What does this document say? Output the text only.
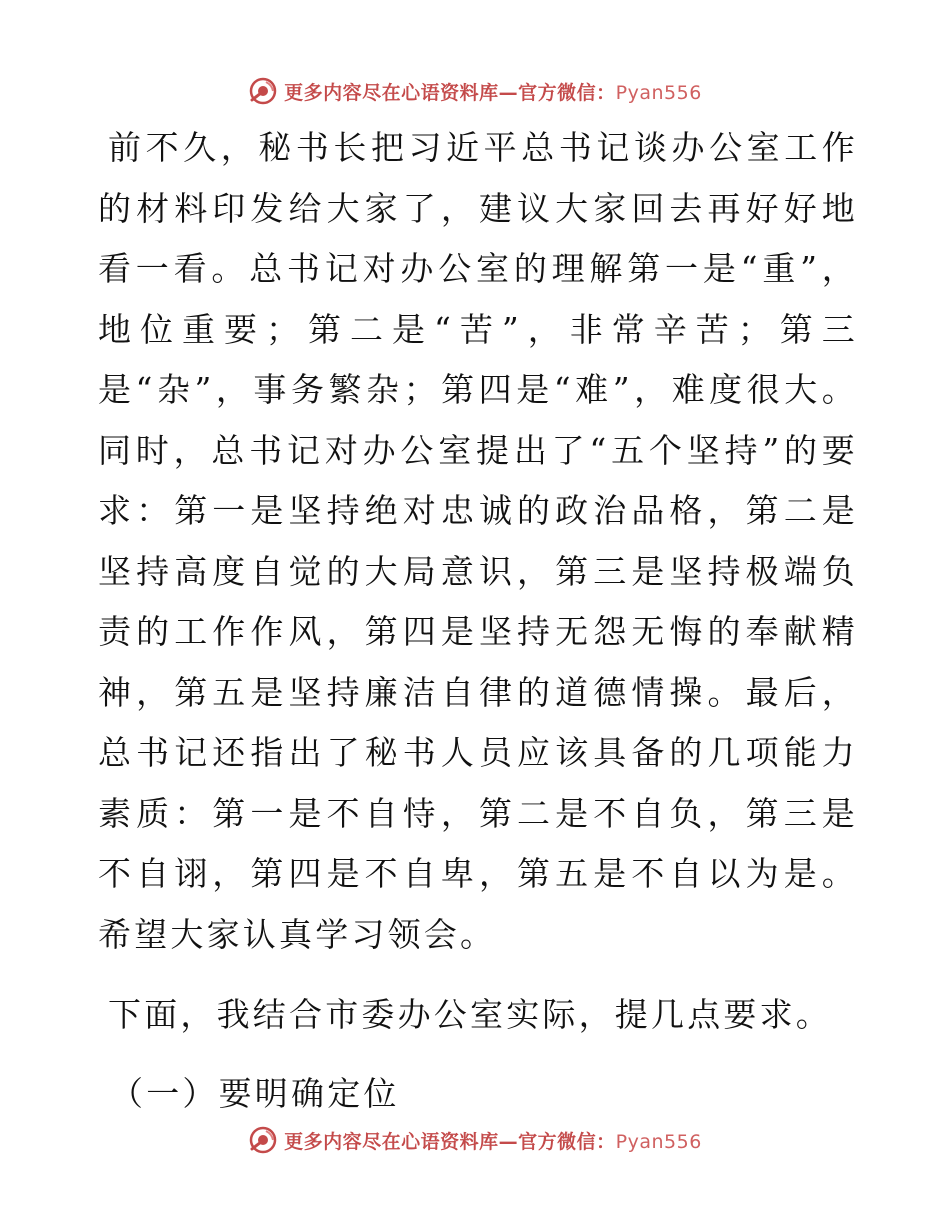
更多内容尽在心语资料库—官方微信：Pyan556

前不久，秘书长把习近平总书记谈办公室工作的材料印发给大家了，建议大家回去再好好地看一看。总书记对办公室的理解第一是“重”，地位重要；第二是“苦”，非常辛苦；第三是“杂”，事务繁杂；第四是“难”，难度很大。同时，总书记对办公室提出了“五个坚持”的要求：第一是坚持绝对忠诚的政治品格，第二是坚持高度自觉的大局意识，第三是坚持极端负责的工作作风，第四是坚持无怨无悔的奉献精神，第五是坚持廉洁自律的道德情操。最后，总书记还指出了秘书人员应该具备的几项能力素质：第一是不自恃，第二是不自负，第三是不自诩，第四是不自卑，第五是不自以为是。希望大家认真学习领会。

下面，我结合市委办公室实际，提几点要求。

（一）要明确定位

更多内容尽在心语资料库—官方微信：Pyan556
